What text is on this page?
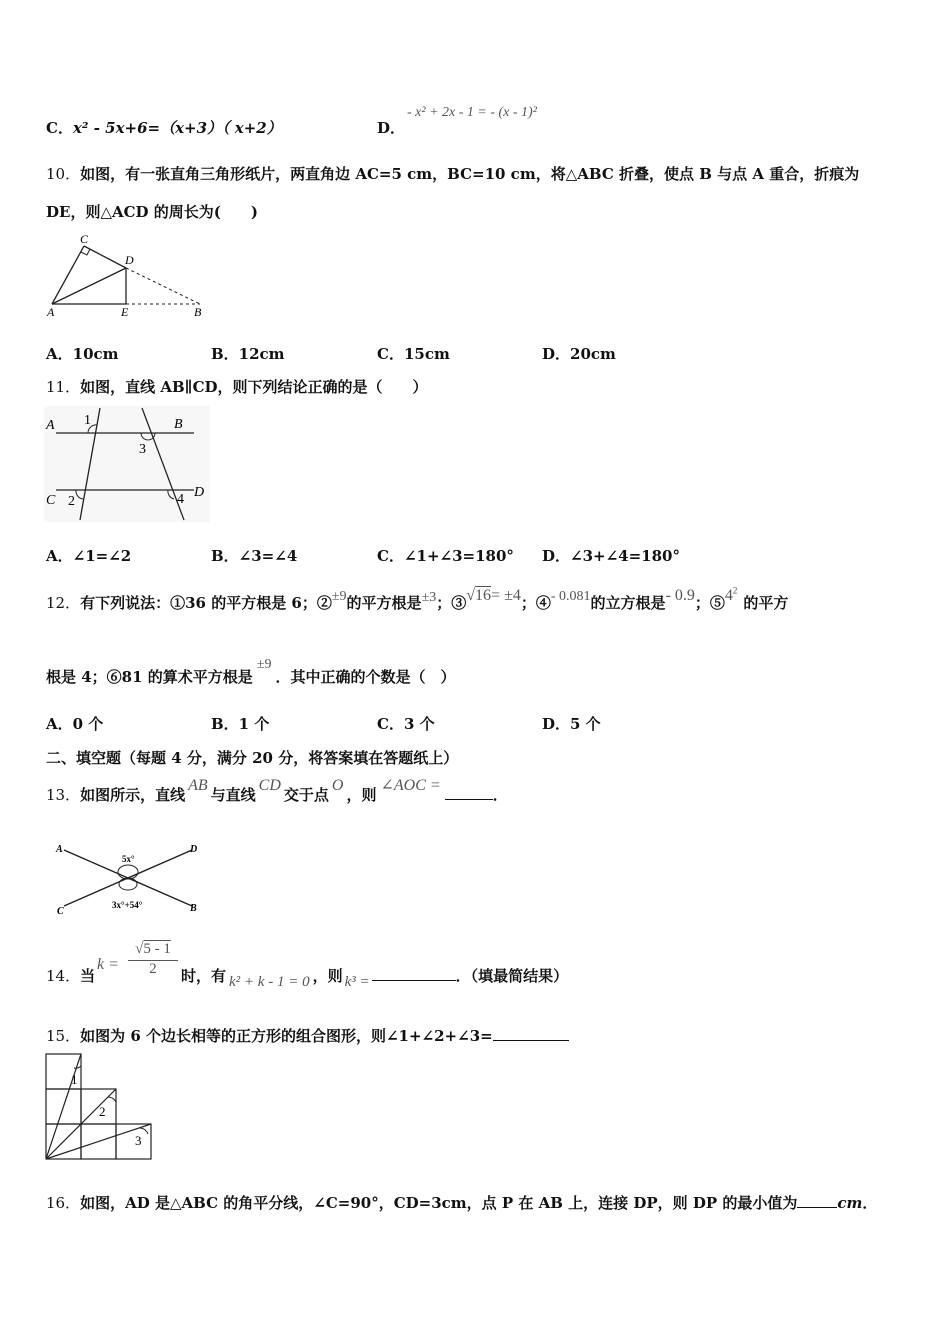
C．x² - 5x+6=（x+3）（ x+2）	D．
- x² + 2x - 1 = - (x - 1)²
10．如图，有一张直角三角形纸片，两直角边 AC=5 cm，BC=10 cm，将△ABC 折叠，使点 B 与点 A 重合，折痕为
DE，则△ACD 的周长为(　　)
C
D
A	E	B
A．10cm	B．12cm	C．15cm	D．20cm
11．如图，直线 AB∥CD，则下列结论正确的是（　　）
A	B
C
D
1
2
3
4
A．∠1=∠2	B．∠3=∠4	C．∠1+∠3=180° D．∠3+∠4=180°
12．有下列说法：①36 的平方根是 6；②±9的平方根是±3；③√16= ±4；④- 0.081的立方根是- 0.9；$⑤4^2$的平方
根是 4；⑥81 的算术平方根是±9．其中正确的个数是（　）
A．0 个	B．1 个	C．3 个	D．5 个
二、填空题（每题 4 分，满分 20 分，将答案填在答题纸上）
13．如图所示，直线AB与直线CD交于点O，则∠AOC =．
A	D
C	B
5x°
3x°+54°
14．当
$k = \frac{√5 - 1}{2}$ 时，有 k² + k - 1 = 0 ，则 k³ =	．（填最简结果）
15．如图为 6 个边长相等的正方形的组合图形，则∠1+∠2+∠3=
1
2
3
16．如图，AD 是△ABC 的角平分线，∠C=90°，CD=3cm，点 P 在 AB 上，连接 DP，则 DP 的最小值为	cm．
